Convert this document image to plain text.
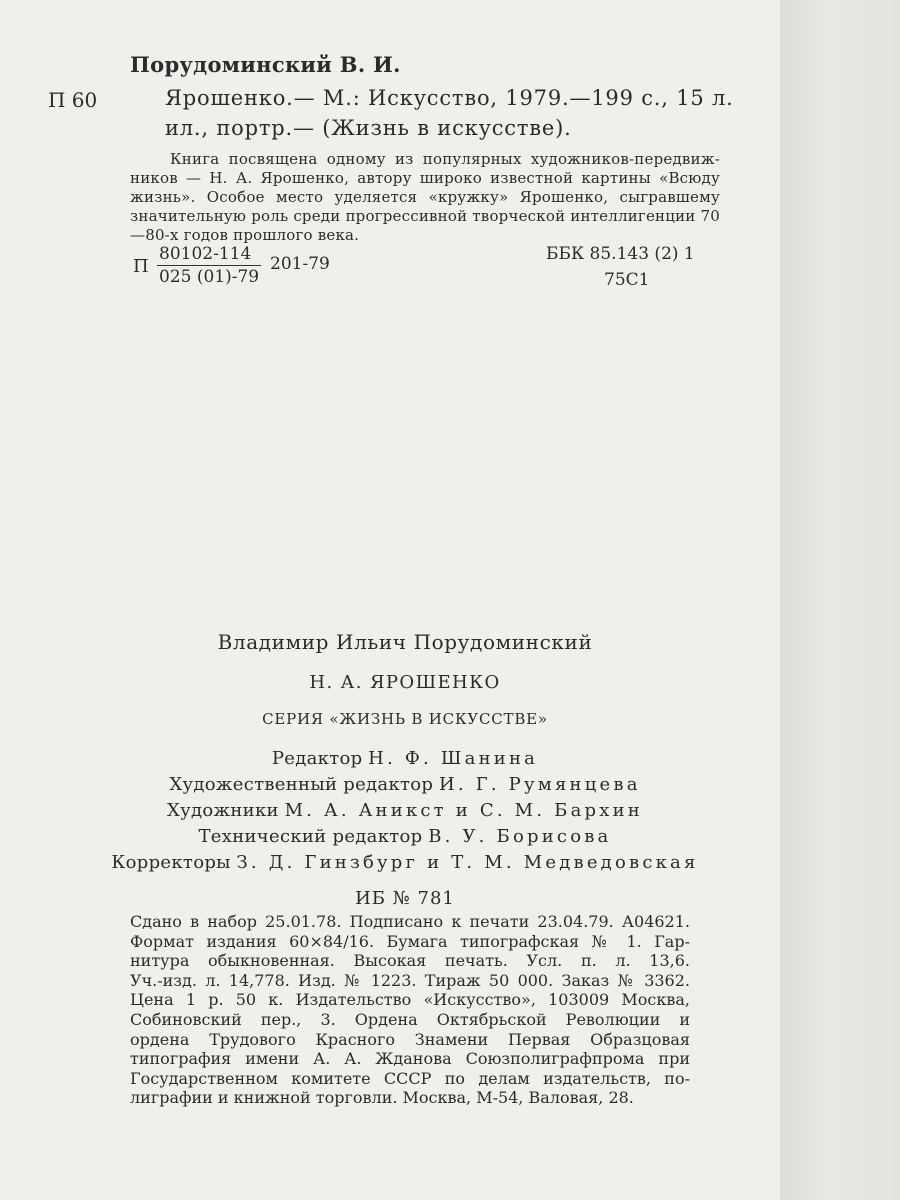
Порудоминский В. И.
П 60	Ярошенко.— М.: Искусство, 1979.—199 с., 15 л.
ил., портр.— (Жизнь в искусстве).
Книга посвящена одному из популярных художников-передвиж- ников — Н. А. Ярошенко, автору широко известной картины «Всюду жизнь». Особое место уделяется «кружку» Ярошенко, сыгравшему значительную роль среди прогрессивной творческой интеллигенции 70—80-х годов прошлого века.
П $\frac{80102-114}{025 (01)-79} 201-79$	ББК 85.143 (2) 1
75С1
Владимир Ильич Порудоминский
Н. А. ЯРОШЕНКО
СЕРИЯ «ЖИЗНЬ В ИСКУССТВЕ»
Редактор Н. Ф. Шанина
Художественный редактор И. Г. Румянцева
Художники М. А. Аникст и С. М. Бархин
Технический редактор В. У. Борисова
Корректоры З. Д. Гинзбург и Т. М. Медведовская
ИБ № 781
Сдано в набор 25.01.78. Подписано к печати 23.04.79. А04621.
Формат издания 60×84/16. Бумага типографская № 1. Гар-
нитура обыкновенная. Высокая печать. Усл. п. л. 13,6.
Уч.-изд. л. 14,778. Изд. № 1223. Тираж 50 000. Заказ № 3362.
Цена 1 р. 50 к. Издательство «Искусство», 103009 Москва,
Собиновский пер., 3. Ордена Октябрьской Революции и
ордена Трудового Красного Знамени Первая Образцовая
типография имени А. А. Жданова Союзполиграфпрома при
Государственном комитете СССР по делам издательств, по-
лиграфии и книжной торговли. Москва, М-54, Валовая, 28.
